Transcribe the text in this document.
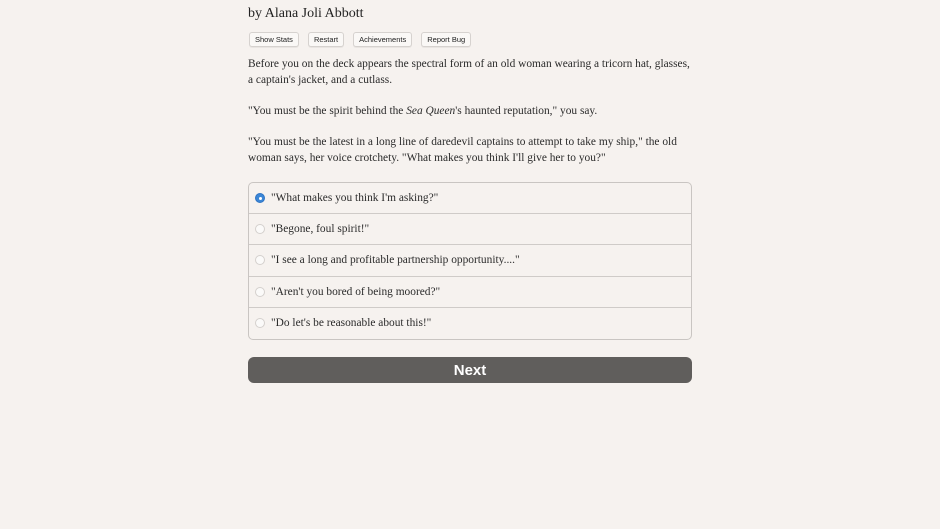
by Alana Joli Abbott
Show Stats	Restart	Achievements	Report Bug

Before you on the deck appears the spectral form of an old woman wearing a tricorn hat, glasses, a captain's jacket, and a cutlass.

"You must be the spirit behind the Sea Queen's haunted reputation," you say.

"You must be the latest in a long line of daredevil captains to attempt to take my ship," the old woman says, her voice crotchety. "What makes you think I'll give her to you?"

"What makes you think I'm asking?"
"Begone, foul spirit!"
"I see a long and profitable partnership opportunity...."
"Aren't you bored of being moored?"
"Do let's be reasonable about this!"
Next
